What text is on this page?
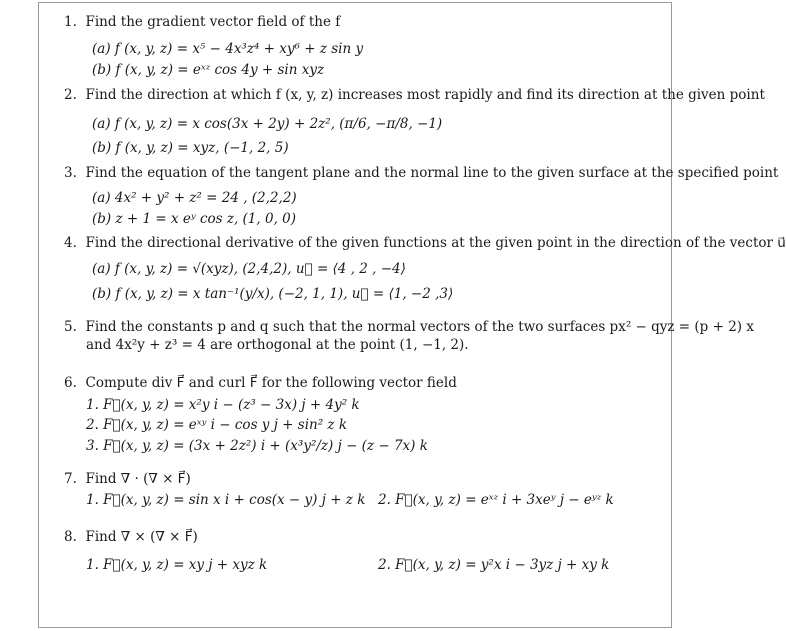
1. Find the gradient vector field of the f
(a) f (x, y, z) = x⁵ − 4x³z⁴ + xy⁶ + z sin y
(b) f (x, y, z) = eˣᶻ cos 4y + sin xyz
2. Find the direction at which f (x, y, z) increases most rapidly and find its direction at the given point
(a) f (x, y, z) = x cos(3x + 2y) + 2z², (π/6, −π/8, −1)
(b) f (x, y, z) = xyz, (−1, 2, 5)
3. Find the equation of the tangent plane and the normal line to the given surface at the specified point
(a) 4x² + y² + z² = 24 , (2,2,2)
(b) z + 1 = x eʸ cos z, (1, 0, 0)
4. Find the directional derivative of the given functions at the given point in the direction of the vector u⃗
(a) f (x, y, z) = √(xyz), (2,4,2), u⃗ = ⟨4 , 2 , −4⟩
(b) f (x, y, z) = x tan⁻¹(y/x), (−2, 1, 1), u⃗ = ⟨1, −2 ,3⟩
5. Find the constants p and q such that the normal vectors of the two surfaces px² − qyz = (p + 2) x
and 4x²y + z³ = 4 are orthogonal at the point (1, −1, 2).
6. Compute div F⃗ and curl F⃗ for the following vector field
1. F⃗(x, y, z) = x²y i − (z³ − 3x) j + 4y² k
2. F⃗(x, y, z) = eˣʸ i − cos y j + sin² z k
3. F⃗(x, y, z) = (3x + 2z²) i + (x³y²/z) j − (z − 7x) k
7. Find ∇ · (∇ × F⃗)
1. F⃗(x, y, z) = sin x i + cos(x − y) j + z k 2. F⃗(x, y, z) = eˣᶻ i + 3xeʸ j − eʸᶻ k
8. Find ∇ × (∇ × F⃗)
1. F⃗(x, y, z) = xy j + xyz k	2. F⃗(x, y, z) = y²x i − 3yz j + xy k
